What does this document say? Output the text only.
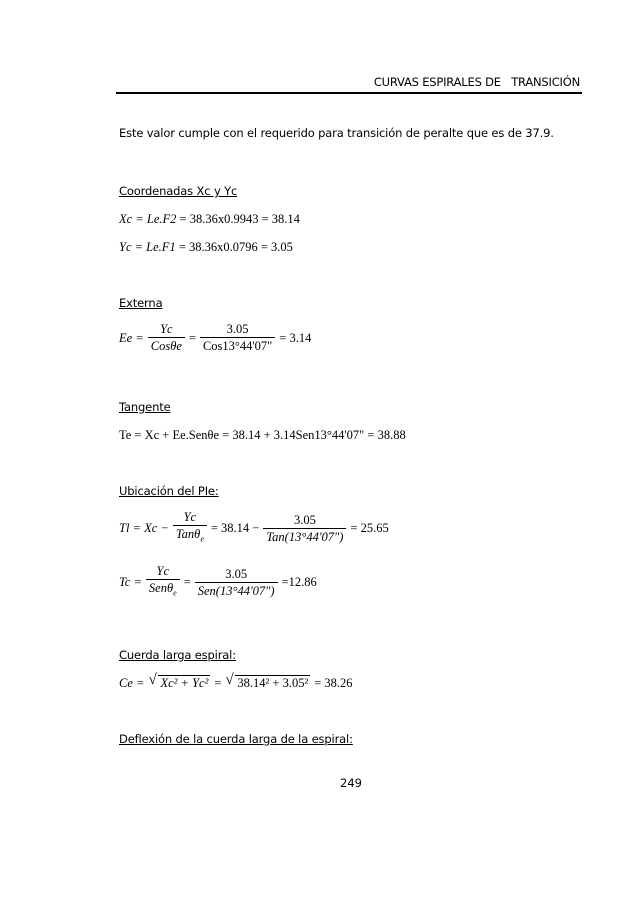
CURVAS ESPIRALES DE   TRANSICIÓN
Este valor cumple con el requerido para transición de peralte que es de 37.9.
Coordenadas Xc y Yc
Xc = Le.F2 = 38.36x0.9943 = 38.14
Yc = Le.F1 = 38.36x0.0796 = 3.05
Externa
$Ee = \frac{Yc}{\text{Cosθe}} = \frac{3.05}{\text{Cos13°44'07"}} = 3.14$
Tangente
Te = Xc + Ee.Senθe = 38.14 + 3.14Sen13°44'07" = 38.88
Ubicación del PIe:
$Tl = Xc - \frac{Yc}{Tan\theta_e} = 38.14 - \frac{3.05}{\text{Tan(13°44'07")}} = 25.65$
$Tc = \frac{Yc}{Sen\theta_e} = \frac{3.05}{\text{Sen(13°44'07")}} =12.86$
Cuerda larga espiral:
Ce = √ Xc² + Yc² = √ 38.14² + 3.05² = 38.26
Deflexión de la cuerda larga de la espiral:
249
